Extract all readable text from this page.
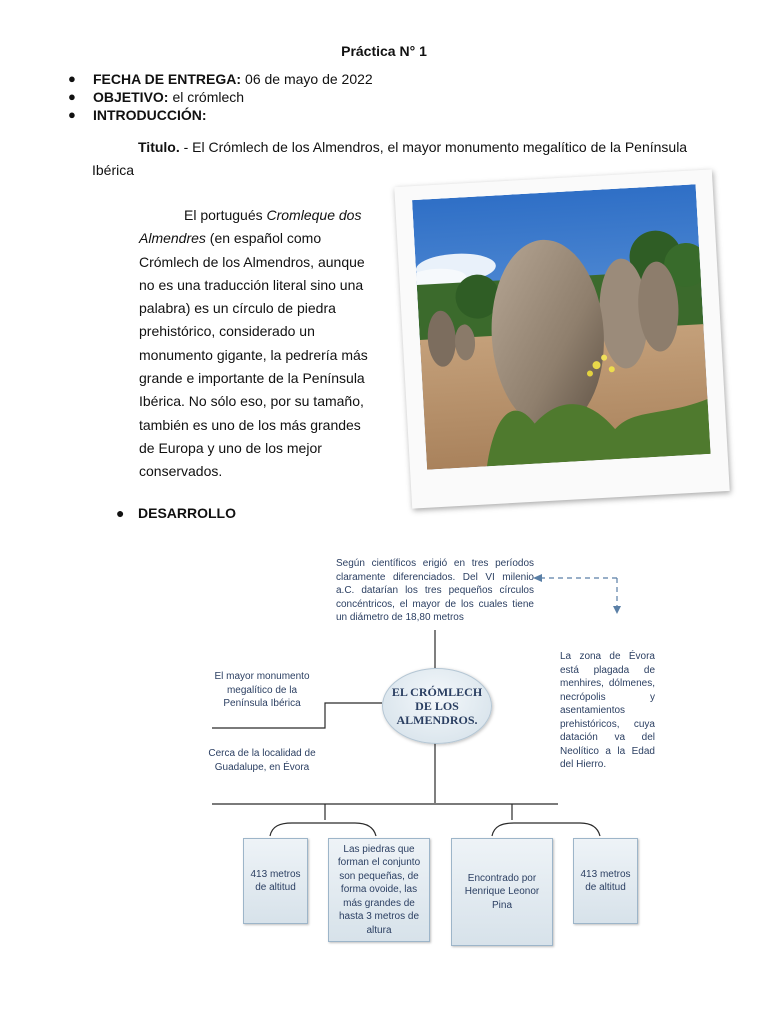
Práctica N° 1
●	FECHA DE ENTREGA: 06 de mayo de 2022
●	OBJETIVO: el crómlech
●	INTRODUCCIÓN:
Titulo. - El Crómlech de los Almendros, el mayor monumento megalítico de la Península Ibérica
El portugués Cromleque dos Almendres (en español como Crómlech de los Almendros, aunque no es una traducción literal sino una palabra) es un círculo de piedra prehistórico, considerado un monumento gigante, la pedrería más grande e importante de la Península Ibérica. No sólo eso, por su tamaño, también es uno de los más grandes de Europa y uno de los mejor conservados.
● DESARROLLO
Según científicos erigió en tres períodos claramente diferenciados. Del VI milenio a.C. datarían los tres pequeños círculos concéntricos, el mayor de los cuales tiene un diámetro de 18,80 metros
El mayor monumento megalítico de la Península Ibérica
Cerca de la localidad de Guadalupe, en Évora
La zona de Évora está plagada de menhires, dólmenes, necrópolis y asentamientos prehistóricos, cuya datación va del Neolítico a la Edad del Hierro.
EL CRÓMLECH DE LOS ALMENDROS.
413 metros de altitud
Las piedras que forman el conjunto son pequeñas, de forma ovoide, las más grandes de hasta 3 metros de altura
Encontrado por Henrique Leonor Pina
413 metros de altitud
